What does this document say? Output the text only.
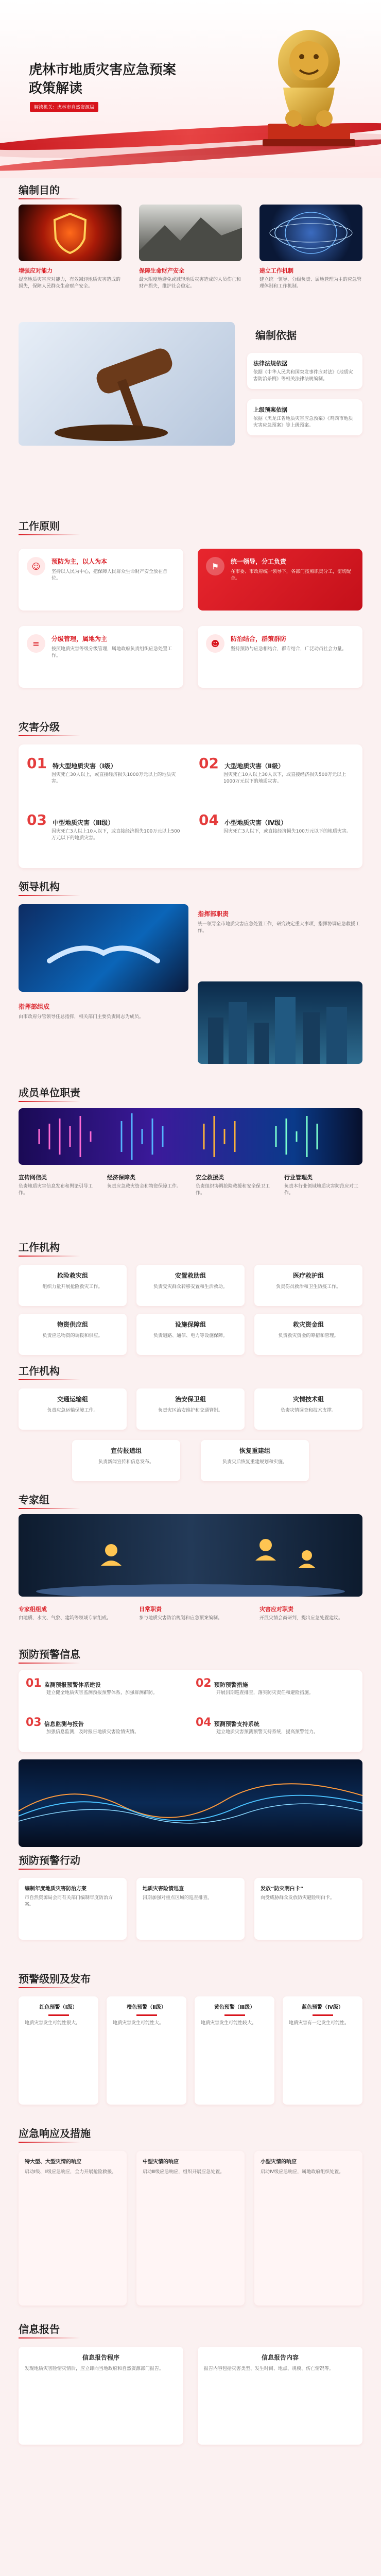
虎林市地质灾害应急预案
政策解读
解读机关：虎林市自然资源局
编制目的
增强应对能力
提高地质灾害应对能力，有效减轻地质灾害造成的损失，保障人民群众生命财产安全。
保障生命财产安全
最大限度地避免或减轻地质灾害造成的人员伤亡和财产损失，维护社会稳定。
建立工作机制
建立统一领导、分级负责、属地管理为主的应急管理体制和工作机制。
编制依据
法律法规依据
依据《中华人民共和国突发事件应对法》《地质灾害防治条例》等相关法律法规编制。
上级预案依据
依据《黑龙江省地质灾害应急预案》《鸡西市地质灾害应急预案》等上级预案。
工作原则
☺	预防为主，以人为本
坚持以人民为中心，把保障人民群众生命财产安全放在首位。
⚑	统一领导，分工负责
在市委、市政府统一领导下，各部门按照职责分工，密切配合。
≡	分级管理，属地为主
按照地质灾害等级分级管理，属地政府负责组织应急处置工作。
☻	防治结合，群策群防
坚持预防与应急相结合，群专结合，广泛动员社会力量。
灾害分级
01 特大型地质灾害（Ⅰ级）
因灾死亡30人以上，或直接经济损失1000万元以上的地质灾害。
02 大型地质灾害（Ⅱ级）
因灾死亡10人以上30人以下，或直接经济损失500万元以上1000万元以下的地质灾害。
03 中型地质灾害（Ⅲ级）
因灾死亡3人以上10人以下，或直接经济损失100万元以上500万元以下的地质灾害。
04 小型地质灾害（Ⅳ级）
因灾死亡3人以下，或直接经济损失100万元以下的地质灾害。
领导机构
指挥部职责
统一领导全市地质灾害应急处置工作，研究决定重大事项，指挥协调应急救援工作。
指挥部组成
由市政府分管领导任总指挥，相关部门主要负责同志为成员。
成员单位职责
宣传网信类
负责地质灾害信息发布和舆论引导工作。
经济保障类
负责应急救灾资金和物资保障工作。
安全救援类
负责组织协调抢险救援和安全保卫工作。
行业管理类
负责本行业领域地质灾害防范应对工作。
工作机构
抢险救灾组
组织力量开展抢险救灾工作。
安置救助组
负责受灾群众转移安置和生活救助。
医疗救护组
负责伤员救治和卫生防疫工作。
物资供应组
负责应急物资的调拨和供应。
设施保障组
负责道路、通信、电力等设施保障。
救灾资金组
负责救灾资金的筹措和管理。
工作机构
交通运输组
负责应急运输保障工作。
治安保卫组
负责灾区治安维护和交通管制。
灾情技术组
负责灾情调查和技术支撑。
宣传报道组
负责新闻宣传和信息发布。
恢复重建组
负责灾后恢复重建规划和实施。
专家组
专家组组成
由地质、水文、气象、建筑等领域专家组成。
日常职责
参与地质灾害防治规划和应急预案编制。
灾害应对职责
开展灾情会商研判，提出应急处置建议。
预防预警信息
01 监测预报预警体系建设
建立健全地质灾害监测预报预警体系，加强群测群防。
02 预防预警措施
开展汛期巡查排查，落实防灾责任和避险措施。
03 信息监测与报告
加强信息监测，及时报告地质灾害险情灾情。
04 预测预警支持系统
建立地质灾害预测预警支持系统，提高预警能力。
预防预警行动
编制年度地质灾害防治方案
市自然资源局会同有关部门编制年度防治方案。
地质灾害险情巡查
汛期加强对重点区域的巡查排查。
发放“防灾明白卡”
向受威胁群众发放防灾避险明白卡。
预警级别及发布
红色预警（Ⅰ级）
地质灾害发生可能性很大。
橙色预警（Ⅱ级）
地质灾害发生可能性大。
黄色预警（Ⅲ级）
地质灾害发生可能性较大。
蓝色预警（Ⅳ级）
地质灾害有一定发生可能性。
应急响应及措施
特大型、大型灾情的响应
启动Ⅰ级、Ⅱ级应急响应，全力开展抢险救援。
中型灾情的响应
启动Ⅲ级应急响应，组织开展应急处置。
小型灾情的响应
启动Ⅳ级应急响应，属地政府组织处置。
信息报告
信息报告程序
发现地质灾害险情灾情后，应立即向当地政府和自然资源部门报告。
信息报告内容
报告内容包括灾害类型、发生时间、地点、规模、伤亡情况等。
